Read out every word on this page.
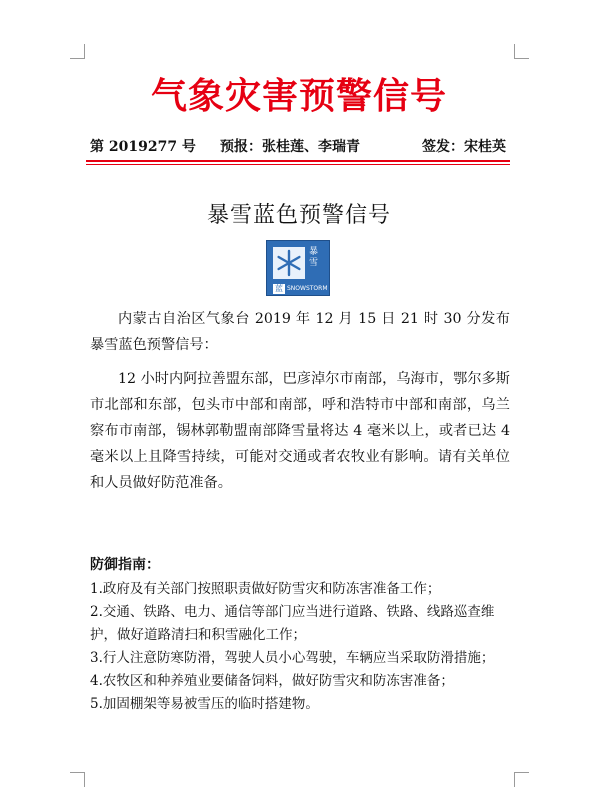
气象灾害预警信号
第 2019277 号 预报：张桂莲、李瑞青	签发：宋桂英
暴雪蓝色预警信号
暴雪
蓝 SNOWSTORM
内蒙古自治区气象台 2019 年 12 月 15 日 21 时 30 分发布暴雪蓝色预警信号：
12 小时内阿拉善盟东部，巴彦淖尔市南部，乌海市，鄂尔多斯市北部和东部，包头市中部和南部，呼和浩特市中部和南部，乌兰察布市南部，锡林郭勒盟南部降雪量将达 4 毫米以上，或者已达 4 毫米以上且降雪持续，可能对交通或者农牧业有影响。请有关单位和人员做好防范准备。
防御指南：
1.政府及有关部门按照职责做好防雪灾和防冻害准备工作；
2.交通、铁路、电力、通信等部门应当进行道路、铁路、线路巡查维护，做好道路清扫和积雪融化工作；
3.行人注意防寒防滑，驾驶人员小心驾驶，车辆应当采取防滑措施；
4.农牧区和种养殖业要储备饲料，做好防雪灾和防冻害准备；
5.加固棚架等易被雪压的临时搭建物。
